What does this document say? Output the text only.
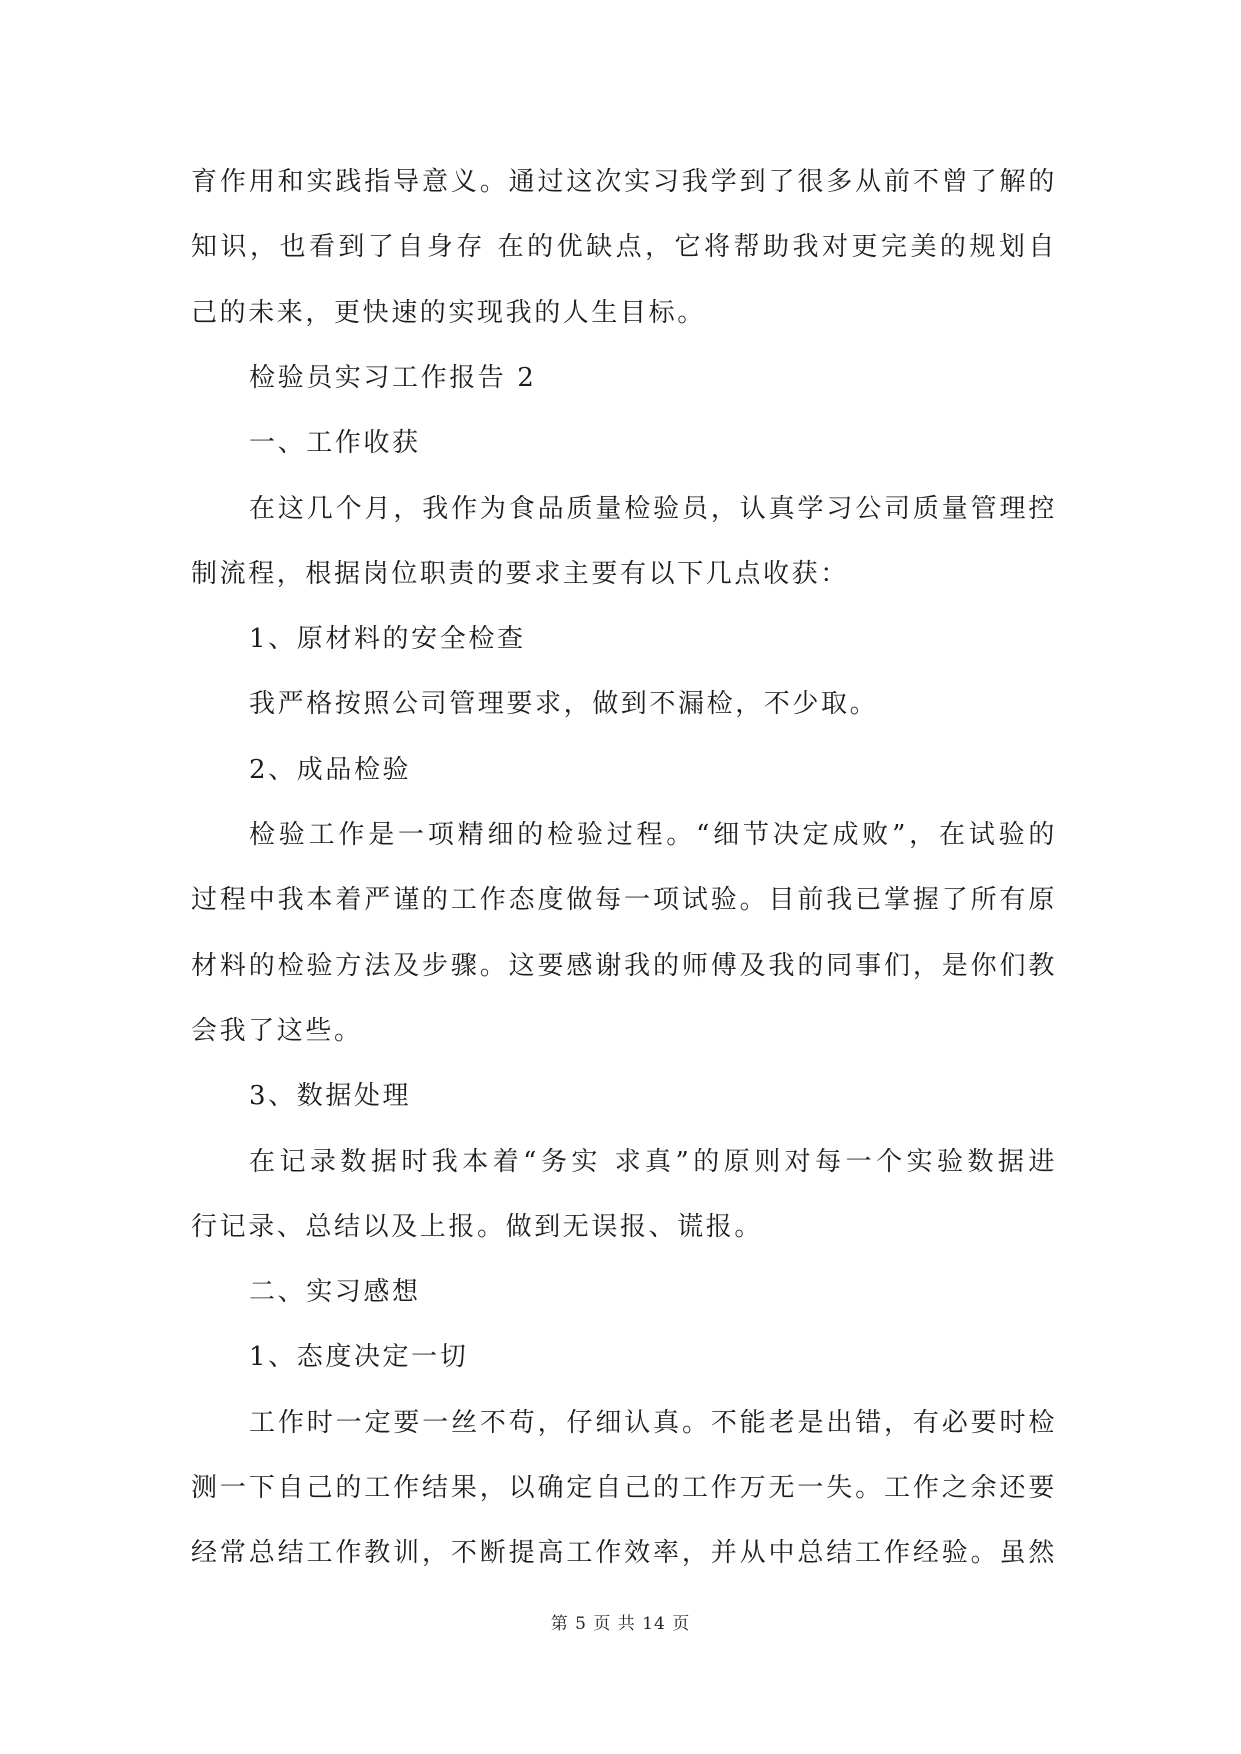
育作用和实践指导意义。通过这次实习我学到了很多从前不曾了解的
知识，也看到了自身存 在的优缺点，它将帮助我对更完美的规划自
己的未来，更快速的实现我的人生目标。
检验员实习工作报告 2
一、工作收获
在这几个月，我作为食品质量检验员，认真学习公司质量管理控
制流程，根据岗位职责的要求主要有以下几点收获：
1、原材料的安全检查
我严格按照公司管理要求，做到不漏检，不少取。
2、成品检验
检验工作是一项精细的检验过程。“细节决定成败”，在试验的
过程中我本着严谨的工作态度做每一项试验。目前我已掌握了所有原
材料的检验方法及步骤。这要感谢我的师傅及我的同事们，是你们教
会我了这些。
3、数据处理
在记录数据时我本着“务实 求真”的原则对每一个实验数据进
行记录、总结以及上报。做到无误报、谎报。
二、实习感想
1、态度决定一切
工作时一定要一丝不苟，仔细认真。不能老是出错，有必要时检
测一下自己的工作结果，以确定自己的工作万无一失。工作之余还要
经常总结工作教训，不断提高工作效率，并从中总结工作经验。虽然
第 5 页 共 14 页
